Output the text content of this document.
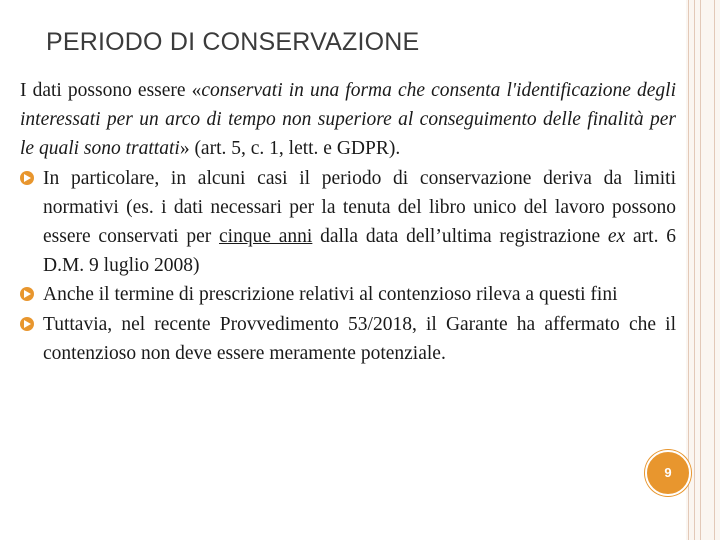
PERIODO DI CONSERVAZIONE

I dati possono essere «conservati in una forma che consenta l'identificazione degli interessati per un arco di tempo non superiore al conseguimento delle finalità per le quali sono trattati» (art. 5, c. 1, lett. e GDPR).

In particolare, in alcuni casi il periodo di conservazione deriva da limiti normativi (es. i dati necessari per la tenuta del libro unico del lavoro possono essere conservati per cinque anni dalla data dell’ultima registrazione ex art. 6 D.M. 9 luglio 2008)

Anche il termine di prescrizione relativi al contenzioso rileva a questi fini

Tuttavia, nel recente Provvedimento 53/2018, il Garante ha affermato che il contenzioso non deve essere meramente potenziale.

9
